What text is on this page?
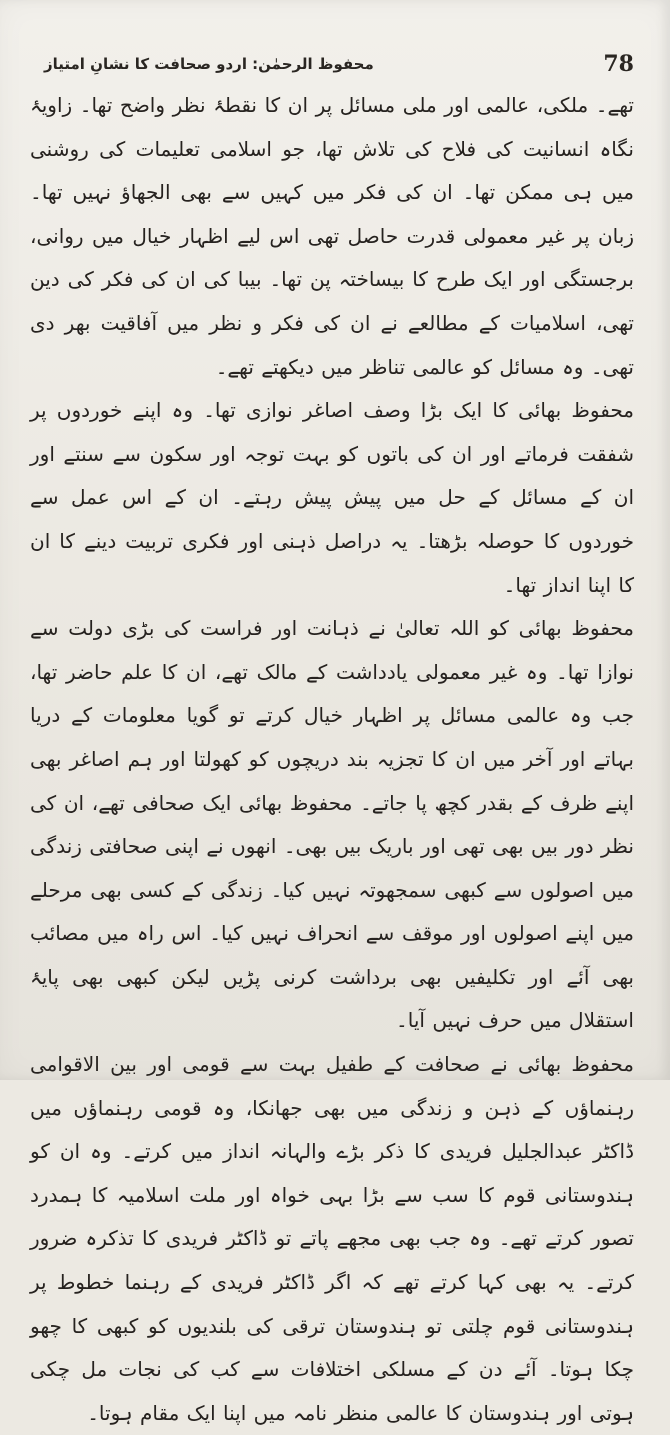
78
محفوظ الرحمٰن: اردو صحافت کا نشانِ امتیاز

تھے۔ ملکی، عالمی اور ملی مسائل پر ان کا نقطۂ نظر واضح تھا۔ زاویۂ نگاہ انسانیت کی فلاح کی تلاش تھا، جو اسلامی تعلیمات کی روشنی میں ہی ممکن تھا۔ ان کی فکر میں کہیں سے بھی الجھاؤ نہیں تھا۔ زبان پر غیر معمولی قدرت حاصل تھی اس لیے اظہار خیال میں روانی، برجستگی اور ایک طرح کا بیساختہ پن تھا۔ بیبا کی ان کی فکر کی دین تھی، اسلامیات کے مطالعے نے ان کی فکر و نظر میں آفاقیت بھر دی تھی۔ وہ مسائل کو عالمی تناظر میں دیکھتے تھے۔

محفوظ بھائی کا ایک بڑا وصف اصاغر نوازی تھا۔ وہ اپنے خوردوں پر شفقت فرماتے اور ان کی باتوں کو بہت توجہ اور سکون سے سنتے اور ان کے مسائل کے حل میں پیش پیش رہتے۔ ان کے اس عمل سے خوردوں کا حوصلہ بڑھتا۔ یہ دراصل ذہنی اور فکری تربیت دینے کا ان کا اپنا انداز تھا۔

محفوظ بھائی کو اللہ تعالیٰ نے ذہانت اور فراست کی بڑی دولت سے نوازا تھا۔ وہ غیر معمولی یادداشت کے مالک تھے، ان کا علم حاضر تھا، جب وہ عالمی مسائل پر اظہار خیال کرتے تو گویا معلومات کے دریا بہاتے اور آخر میں ان کا تجزیہ بند دریچوں کو کھولتا اور ہم اصاغر بھی اپنے ظرف کے بقدر کچھ پا جاتے۔ محفوظ بھائی ایک صحافی تھے، ان کی نظر دور بیں بھی تھی اور باریک بیں بھی۔ انھوں نے اپنی صحافتی زندگی میں اصولوں سے کبھی سمجھوتہ نہیں کیا۔ زندگی کے کسی بھی مرحلے میں اپنے اصولوں اور موقف سے انحراف نہیں کیا۔ اس راہ میں مصائب بھی آئے اور تکلیفیں بھی برداشت کرنی پڑیں لیکن کبھی بھی پایۂ استقلال میں حرف نہیں آیا۔

محفوظ بھائی نے صحافت کے طفیل بہت سے قومی اور بین الاقوامی رہنماؤں کے ذہن و زندگی میں بھی جھانکا، وہ قومی رہنماؤں میں ڈاکٹر عبدالجلیل فریدی کا ذکر بڑے والہانہ انداز میں کرتے۔ وہ ان کو ہندوستانی قوم کا سب سے بڑا بہی خواہ اور ملت اسلامیہ کا ہمدرد تصور کرتے تھے۔ وہ جب بھی مجھے پاتے تو ڈاکٹر فریدی کا تذکرہ ضرور کرتے۔ یہ بھی کہا کرتے تھے کہ اگر ڈاکٹر فریدی کے رہنما خطوط پر ہندوستانی قوم چلتی تو ہندوستان ترقی کی بلندیوں کو کبھی کا چھو چکا ہوتا۔ آئے دن کے مسلکی اختلافات سے کب کی نجات مل چکی ہوتی اور ہندوستان کا عالمی منظر نامہ میں اپنا ایک مقام ہوتا۔
